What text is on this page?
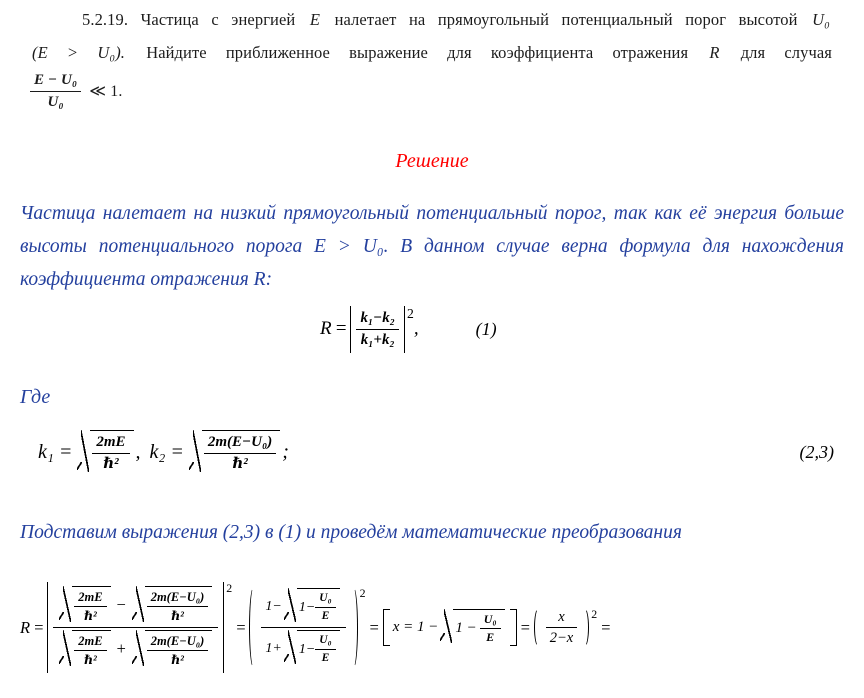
5.2.19. Частица с энергией E налетает на прямоугольный потенциальный порог высотой U₀
(E > U₀). Найдите приближенное выражение для коэффициента отражения R для случая
$\frac{\text{E − U₀}}{\text{U₀}}$ ≪ 1.
Решение
Частица налетает на низкий прямоугольный потенциальный порог, так как её энергия больше высоты потенциального порога E > U₀. В данном случае верна формула для нахождения коэффициента отражения R:
$R = \frac{\text{k₁−k₂}}{\text{k₁+k₂}} ^2$
,	(1)
Где
$k_1 = \frac{2mE}{\text{ℏ²}}$ , $k_2 = \frac{\text{2m(E−U₀)}}{\text{ℏ²}}$ ;	(2,3)
Подставим выражения (2,3) в (1) и проведём математические преобразования
R =
$\frac{2mE}{\text{ℏ²}} - \frac{\text{2m(E−U₀)}}{\text{ℏ²}}$
$\frac{2mE}{\text{ℏ²}} + \frac{\text{2m(E−U₀)}}{\text{ℏ²}}$
$^2$
=
$1- 1- \frac{\text{U₀}}{E}$
$1+ 1- \frac{\text{U₀}}{E}$
$^2$
= $x = 1 - 1 - \frac{\text{U₀}}{E} = \frac{x}{2-x} ^2$
=
